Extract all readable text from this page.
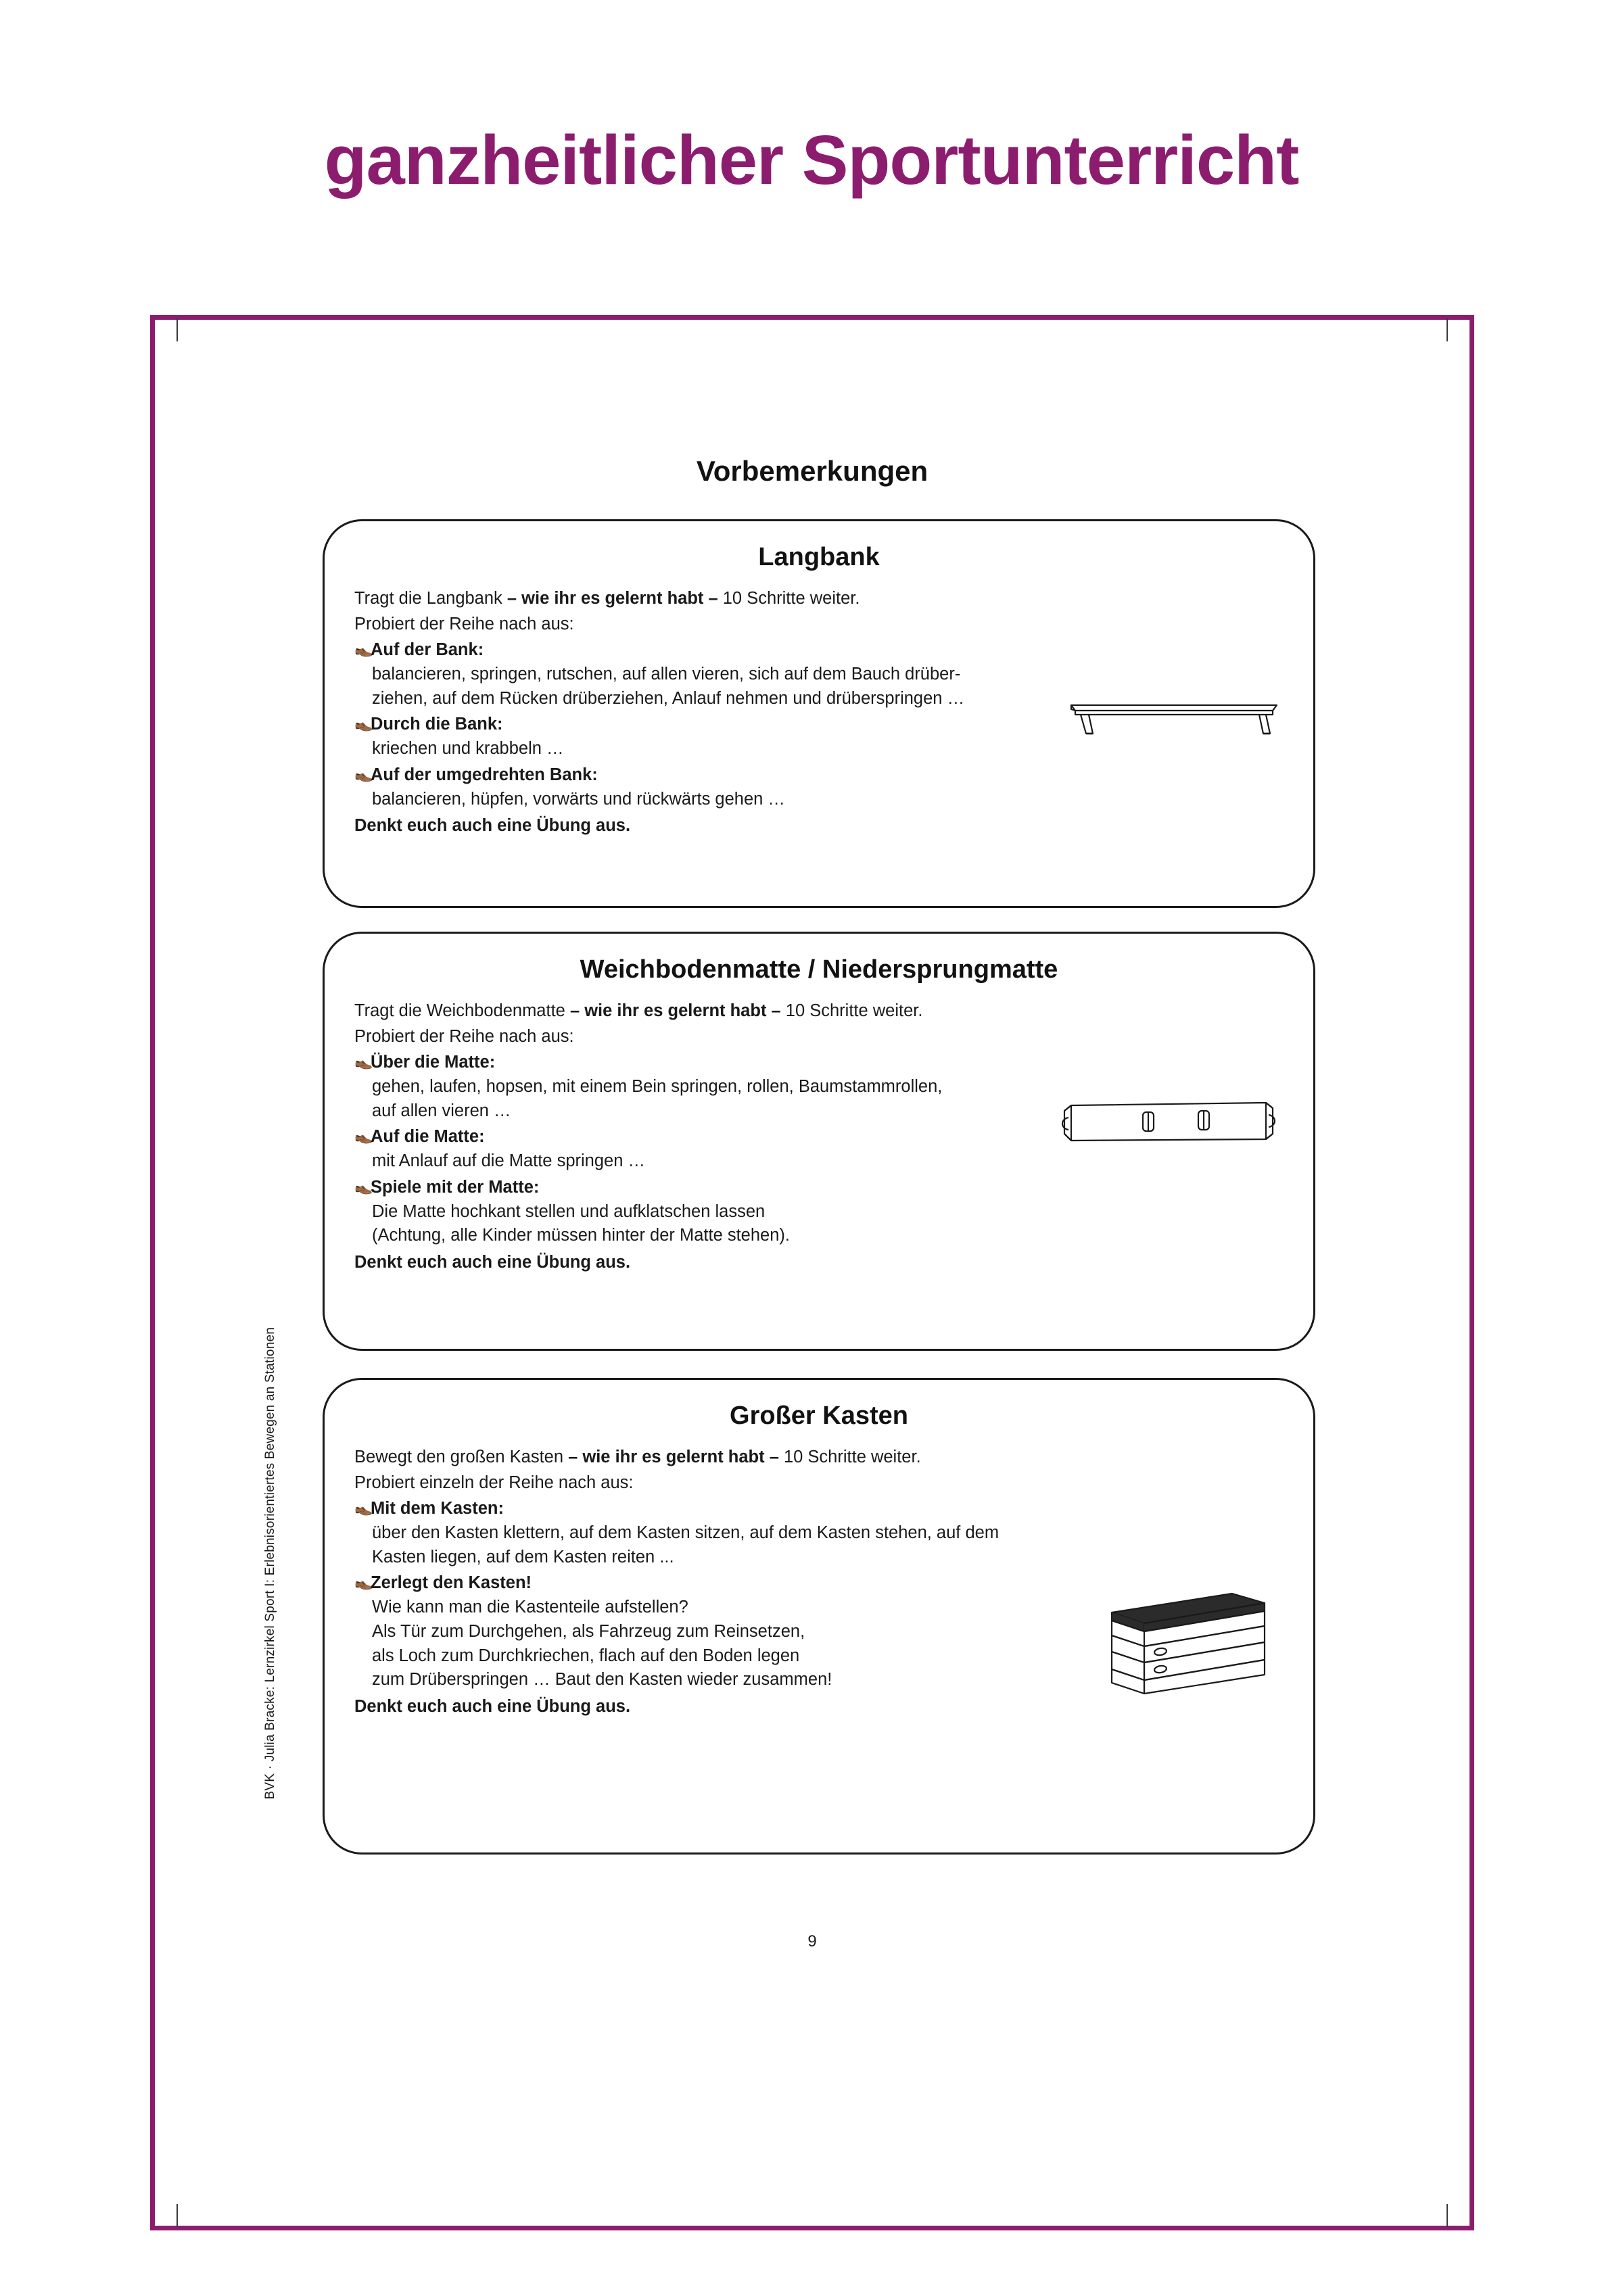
ganzheitlicher Sportunterricht
Vorbemerkungen
BVK · Julia Bracke: Lernzirkel Sport I: Erlebnisorientiertes Bewegen an Stationen
Langbank

Tragt die Langbank – wie ihr es gelernt habt – 10 Schritte weiter.

Probiert der Reihe nach aus:

👞
Auf der Bank:

balancieren, springen, rutschen, auf allen vieren, sich auf dem Bauch drüber-

ziehen, auf dem Rücken drüberziehen, Anlauf nehmen und drüberspringen …

👞
Durch die Bank:

kriechen und krabbeln …

👞
Auf der umgedrehten Bank:

balancieren, hüpfen, vorwärts und rückwärts gehen …

Denkt euch auch eine Übung aus.

Weichbodenmatte / Niedersprungmatte

Tragt die Weichbodenmatte – wie ihr es gelernt habt – 10 Schritte weiter.

Probiert der Reihe nach aus:

👞
Über die Matte:

gehen, laufen, hopsen, mit einem Bein springen, rollen, Baumstammrollen,

auf allen vieren …

👞
Auf die Matte:

mit Anlauf auf die Matte springen …

👞
Spiele mit der Matte:

Die Matte hochkant stellen und aufklatschen lassen

(Achtung, alle Kinder müssen hinter der Matte stehen).

Denkt euch auch eine Übung aus.

Großer Kasten

Bewegt den großen Kasten – wie ihr es gelernt habt – 10 Schritte weiter.

Probiert einzeln der Reihe nach aus:

👞
Mit dem Kasten:

über den Kasten klettern, auf dem Kasten sitzen, auf dem Kasten stehen, auf dem

Kasten liegen, auf dem Kasten reiten ...

👞
Zerlegt den Kasten!

Wie kann man die Kastenteile aufstellen?

Als Tür zum Durchgehen, als Fahrzeug zum Reinsetzen,

als Loch zum Durchkriechen, flach auf den Boden legen

zum Drüberspringen … Baut den Kasten wieder zusammen!

Denkt euch auch eine Übung aus.

9
